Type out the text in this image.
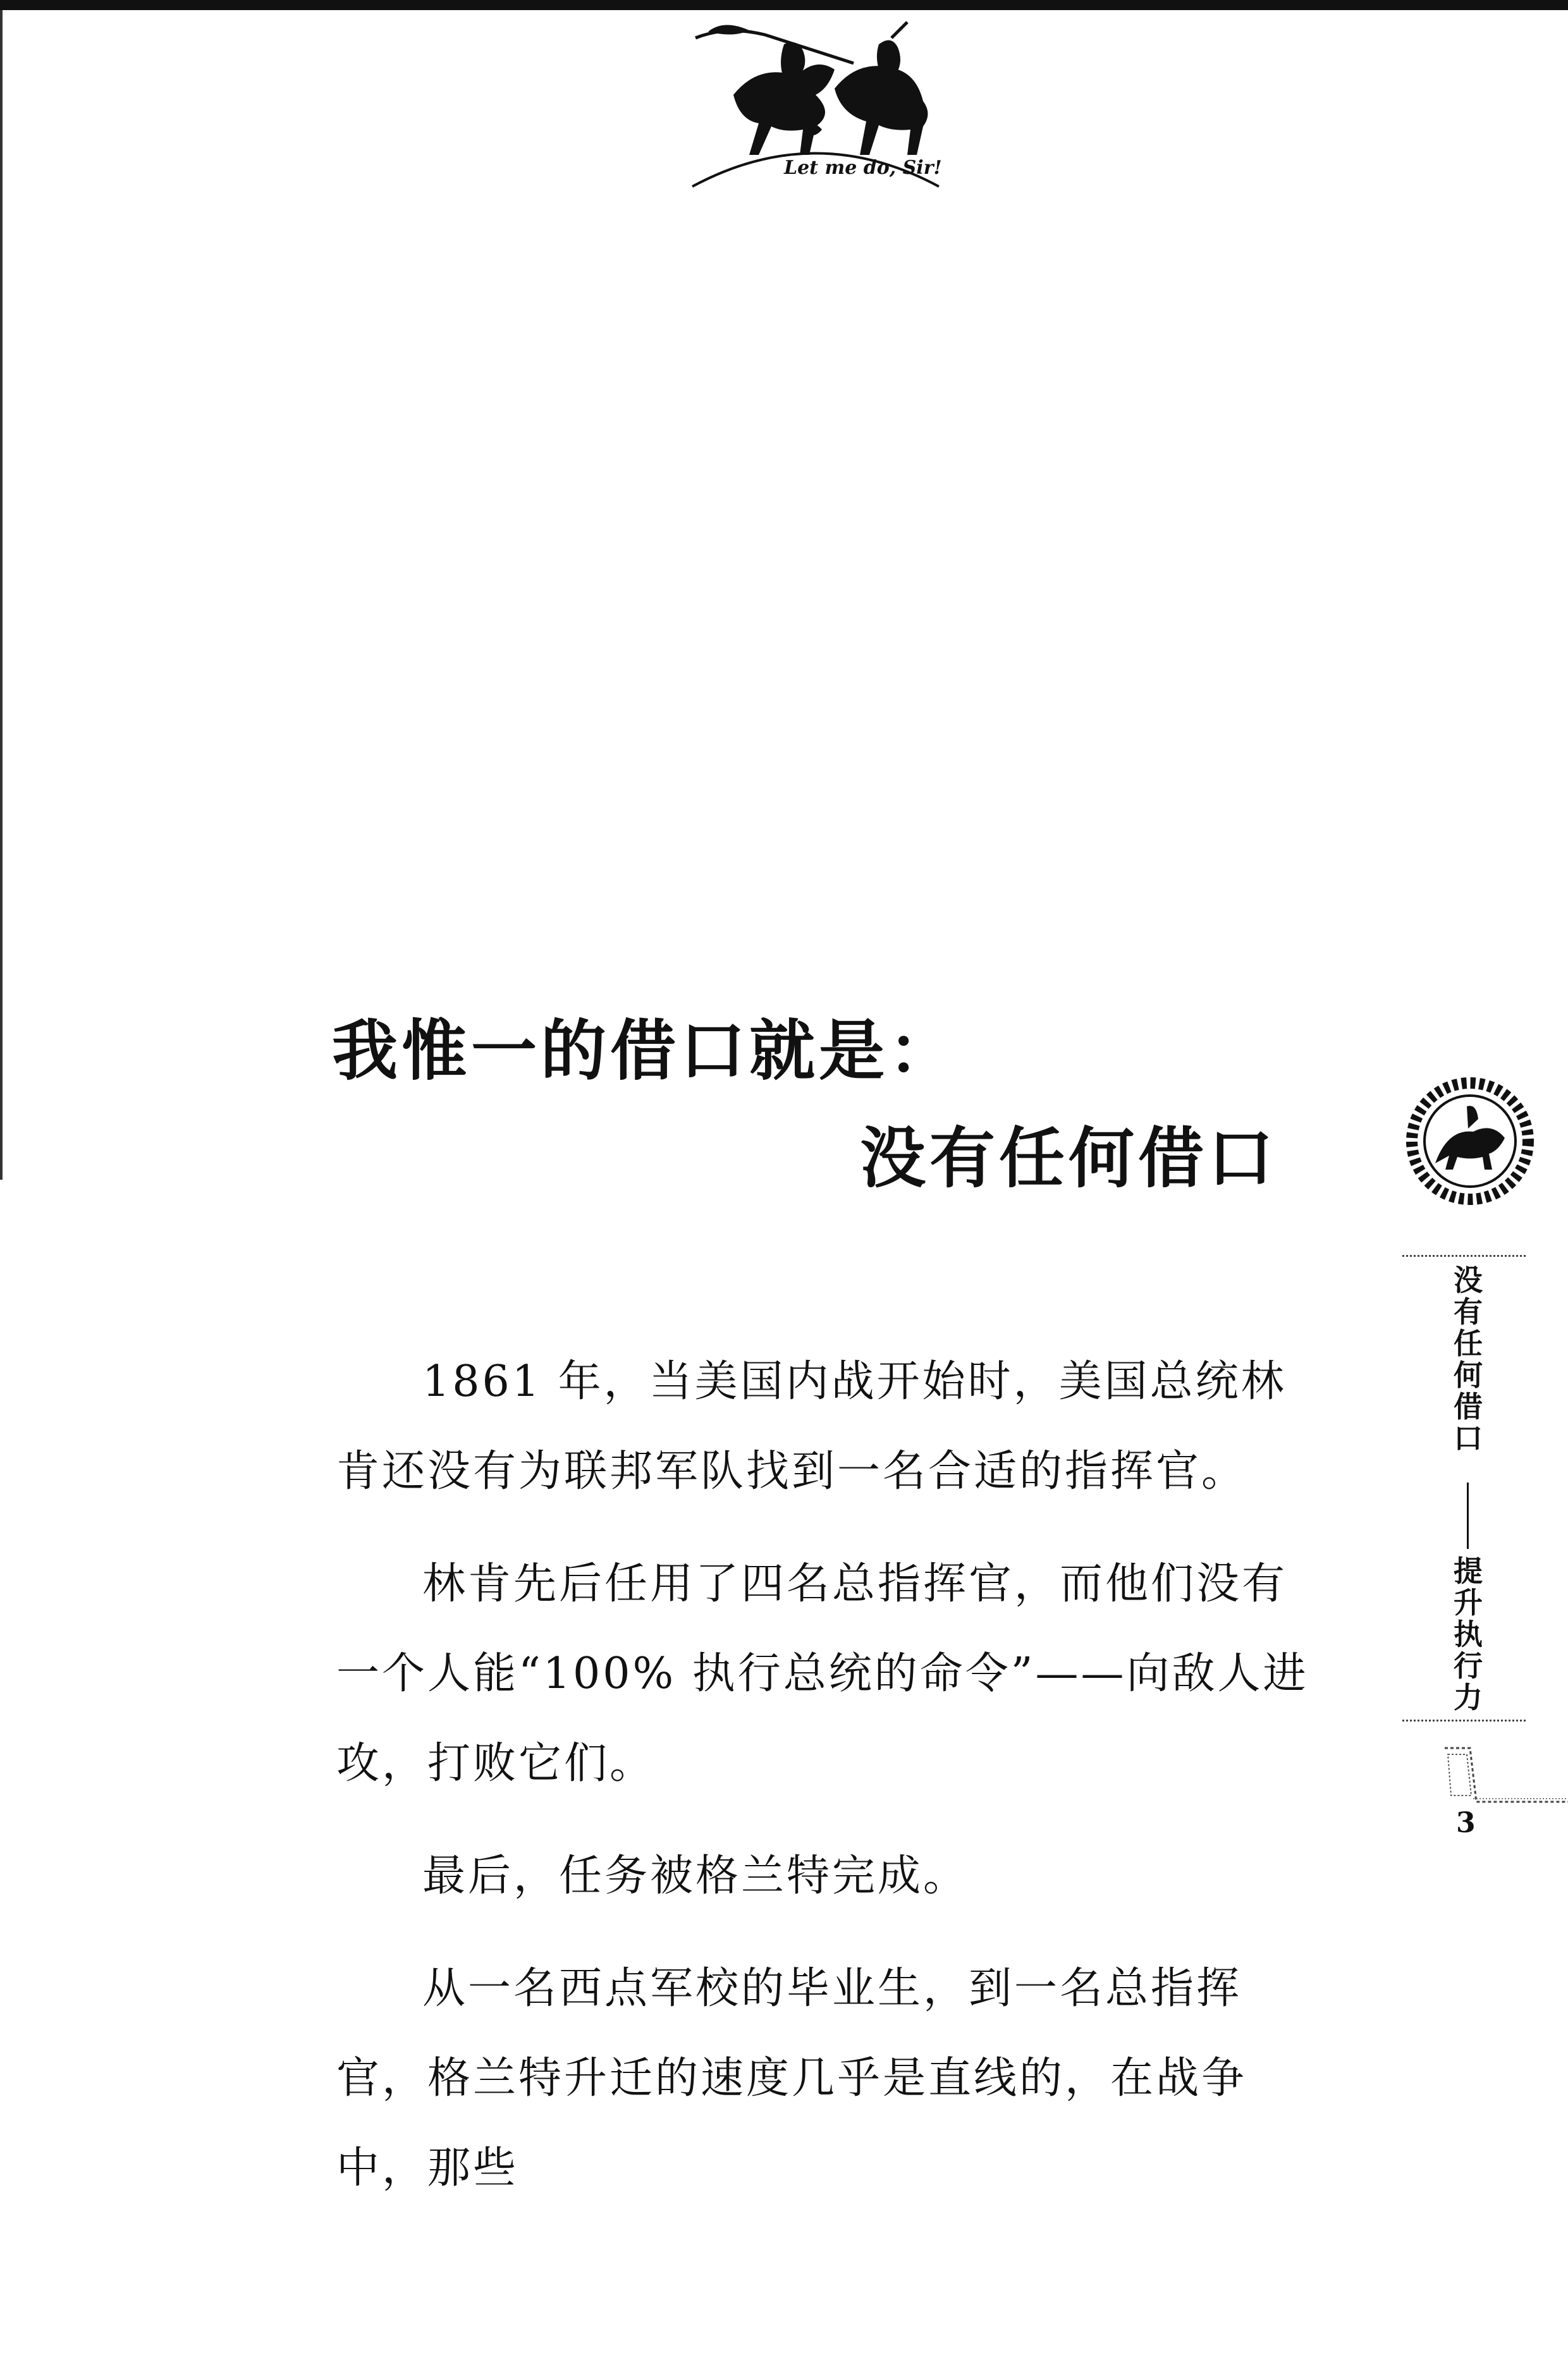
Let me do, Sir!
我惟一的借口就是：
没有任何借口
没有任何借口
提升执行力
3

1861 年，当美国内战开始时，美国总统林肯还没有为联邦军队找到一名合适的指挥官。

林肯先后任用了四名总指挥官，而他们没有一个人能“100% 执行总统的命令”——向敌人进攻，打败它们。

最后，任务被格兰特完成。

从一名西点军校的毕业生，到一名总指挥官，格兰特升迁的速度几乎是直线的，在战争中，那些
